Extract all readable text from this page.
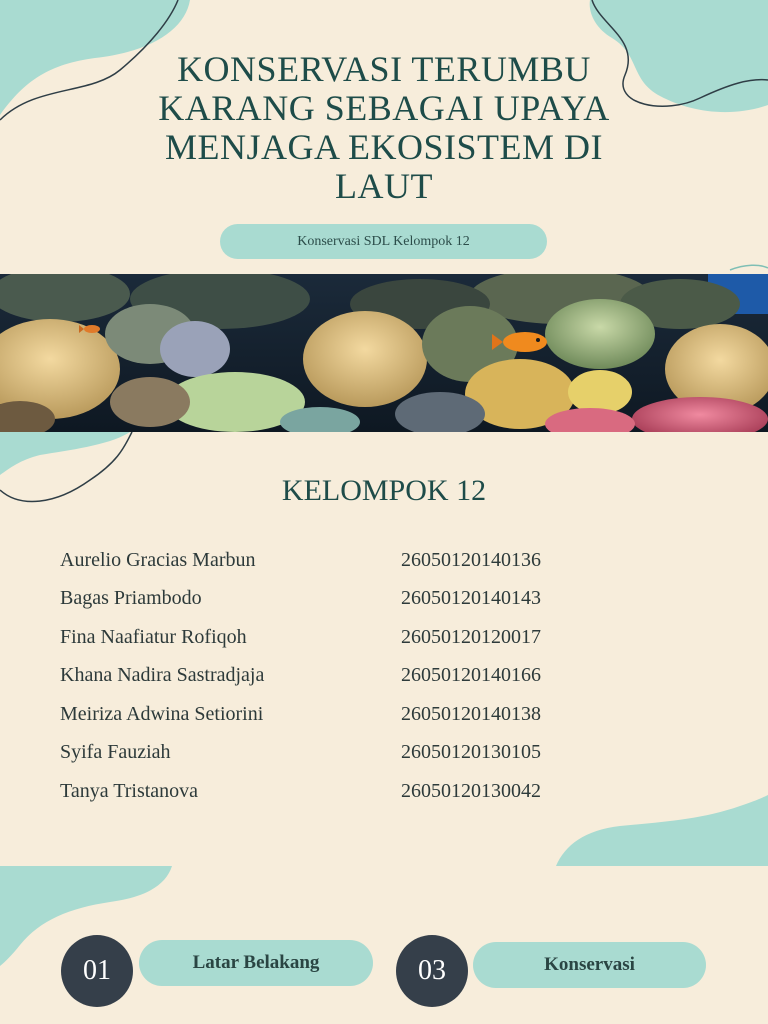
KONSERVASI TERUMBU KARANG SEBAGAI UPAYA MENJAGA EKOSISTEM DI LAUT
Konservasi SDL Kelompok 12
KELOMPOK 12
Aurelio Gracias Marbun	26050120140136
Bagas Priambodo	26050120140143
Fina Naafiatur Rofiqoh	26050120120017
Khana Nadira Sastradjaja	26050120140166
Meiriza Adwina Setiorini	26050120140138
Syifa Fauziah	26050120130105
Tanya Tristanova	26050120130042
01	Latar Belakang	03	Konservasi
